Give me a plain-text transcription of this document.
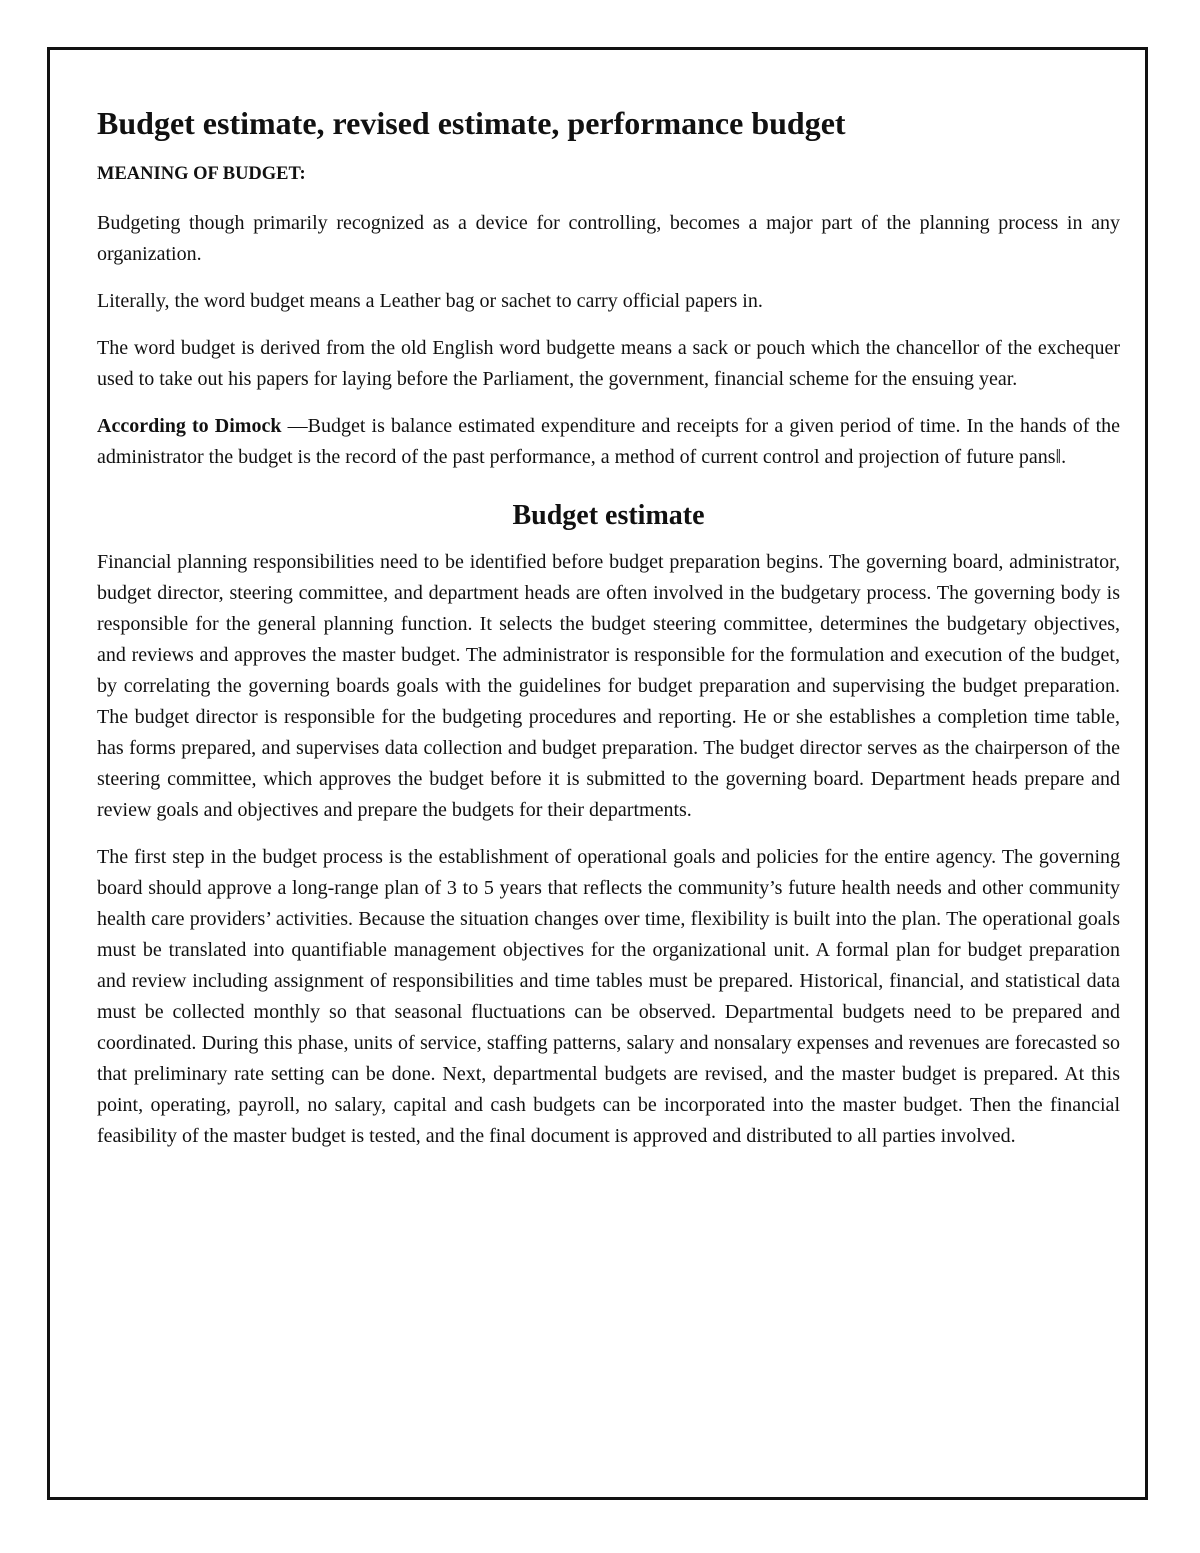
Budget estimate, revised estimate, performance budget
MEANING OF BUDGET:

Budgeting though primarily recognized as a device for controlling, becomes a major part of the planning process in any organization.

Literally, the word budget means a Leather bag or sachet to carry official papers in.

The word budget is derived from the old English word budgette means a sack or pouch which the chancellor of the exchequer used to take out his papers for laying before the Parliament, the government, financial scheme for the ensuing year.

According to Dimock ―Budget is balance estimated expenditure and receipts for a given period of time. In the hands of the administrator the budget is the record of the past performance, a method of current control and projection of future pans‖.

Budget estimate

Financial planning responsibilities need to be identified before budget preparation begins. The governing board, administrator, budget director, steering committee, and department heads are often involved in the budgetary process. The governing body is responsible for the general planning function. It selects the budget steering committee, determines the budgetary objectives, and reviews and approves the master budget. The administrator is responsible for the formulation and execution of the budget, by correlating the governing boards goals with the guidelines for budget preparation and supervising the budget preparation. The budget director is responsible for the budgeting procedures and reporting. He or she establishes a completion time table, has forms prepared, and supervises data collection and budget preparation. The budget director serves as the chairperson of the steering committee, which approves the budget before it is submitted to the governing board. Department heads prepare and review goals and objectives and prepare the budgets for their departments.

The first step in the budget process is the establishment of operational goals and policies for the entire agency. The governing board should approve a long-range plan of 3 to 5 years that reflects the community’s future health needs and other community health care providers’ activities. Because the situation changes over time, flexibility is built into the plan. The operational goals must be translated into quantifiable management objectives for the organizational unit. A formal plan for budget preparation and review including assignment of responsibilities and time tables must be prepared. Historical, financial, and statistical data must be collected monthly so that seasonal fluctuations can be observed. Departmental budgets need to be prepared and coordinated. During this phase, units of service, staffing patterns, salary and nonsalary expenses and revenues are forecasted so that preliminary rate setting can be done. Next, departmental budgets are revised, and the master budget is prepared. At this point, operating, payroll, no salary, capital and cash budgets can be incorporated into the master budget. Then the financial feasibility of the master budget is tested, and the final document is approved and distributed to all parties involved.
